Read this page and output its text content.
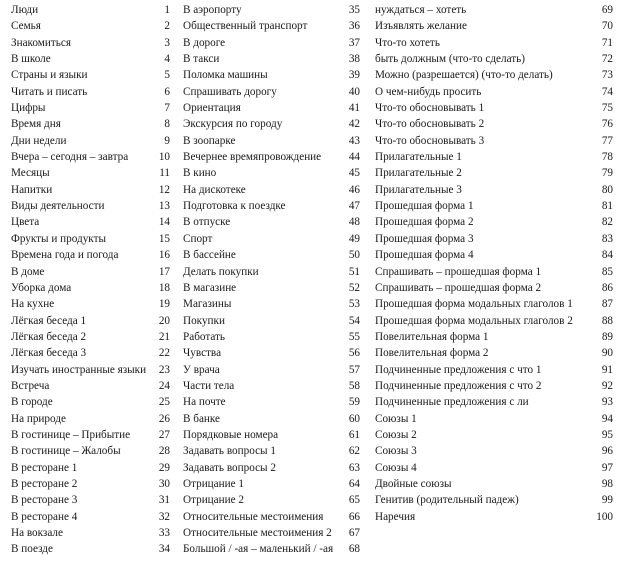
Люди	1
Семья	2
Знакомиться	3
В школе	4
Страны и языки	5
Читать и писать	6
Цифры	7
Время дня	8
Дни недели	9
Вчера – сегодня – завтра	10
Месяцы	11
Напитки	12
Виды деятельности	13
Цвета	14
Фрукты и продукты	15
Времена года и погода	16
В доме	17
Уборка дома	18
На кухне	19
Лёгкая беседа 1	20
Лёгкая беседа 2	21
Лёгкая беседа 3	22
Изучать иностранные языки 23
Встреча	24
В городе	25
На природе	26
В гостинице – Прибытие	27
В гостинице – Жалобы	28
В ресторане 1	29
В ресторане 2	30
В ресторане 3	31
В ресторане 4	32
На вокзале	33
В поезде	34
В аэропорту	35
Общественный транспорт	36
В дороге	37
В такси	38
Поломка машины	39
Спрашивать дорогу	40
Ориентация	41
Экскурсия по городу	42
В зоопарке	43
Вечернее времяпровождение 44
В кино	45
На дискотеке	46
Подготовка к поездке	47
В отпуске	48
Спорт	49
В бассейне	50
Делать покупки	51
В магазине	52
Магазины	53
Покупки	54
Работать	55
Чувства	56
У врача	57
Части тела	58
На почте	59
В банке	60
Порядковые номера	61
Задавать вопросы 1	62
Задавать вопросы 2	63
Отрицание 1	64
Отрицание 2	65
Относительные местоимения 66
Относительные местоимения 2 67
Большой / -ая – маленький / -ая 68
нуждаться – хотеть	69
Изъявлять желание	70
Что-то хотеть	71
быть должным (что-то сделать)	72
Можно (разрешается) (что-то делать)	73
О чем-нибудь просить	74
Что-то обосновывать 1	75
Что-то обосновывать 2	76
Что-то обосновывать 3	77
Прилагательные 1	78
Прилагательные 2	79
Прилагательные 3	80
Прошедшая форма 1	81
Прошедшая форма 2	82
Прошедшая форма 3	83
Прошедшая форма 4	84
Спрашивать – прошедшая форма 1	85
Спрашивать – прошедшая форма 2	86
Прошедшая форма модальных глаголов 1	87
Прошедшая форма модальных глаголов 2	88
Повелительная форма 1	89
Повелительная форма 2	90
Подчиненные предложения с что 1	91
Подчиненные предложения с что 2	92
Подчиненные предложения с ли	93
Союзы 1	94
Союзы 2	95
Союзы 3	96
Союзы 4	97
Двойные союзы	98
Генитив (родительный падеж)	99
Наречия	100
